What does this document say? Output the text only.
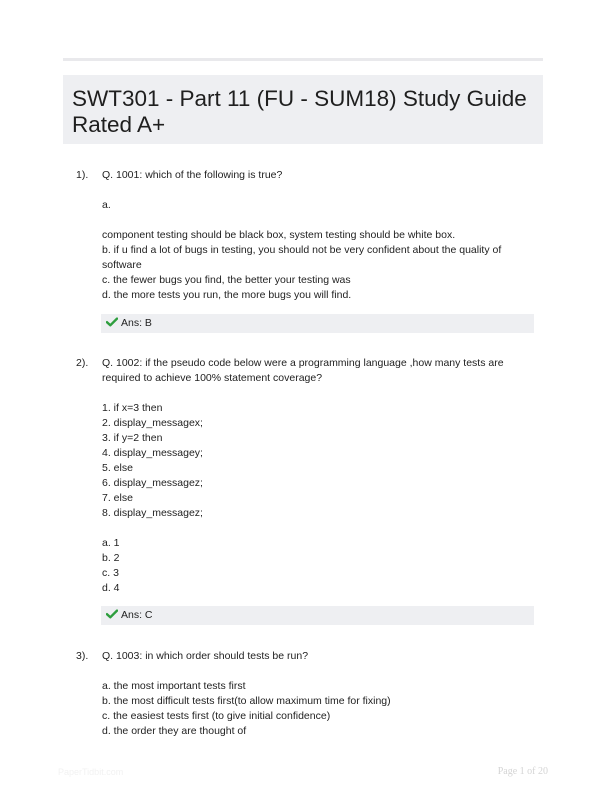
SWT301 - Part 11 (FU - SUM18) Study Guide Rated A+
1). Q. 1001: which of the following is true?
a.
component testing should be black box, system testing should be white box.
b. if u find a lot of bugs in testing, you should not be very confident about the quality of software
c. the fewer bugs you find, the better your testing was
d. the more tests you run, the more bugs you will find.
Ans: B
2). Q. 1002: if the pseudo code below were a programming language ,how many tests are required to achieve 100% statement coverage?
1. if x=3 then
2. display_messagex;
3. if y=2 then
4. display_messagey;
5. else
6. display_messagez;
7. else
8. display_messagez;
a. 1
b. 2
c. 3
d. 4
Ans: C
3). Q. 1003: in which order should tests be run?
a. the most important tests first
b. the most difficult tests first(to allow maximum time for fixing)
c. the easiest tests first (to give initial confidence)
d. the order they are thought of
PaperTidbit.com	Page 1 of 20
